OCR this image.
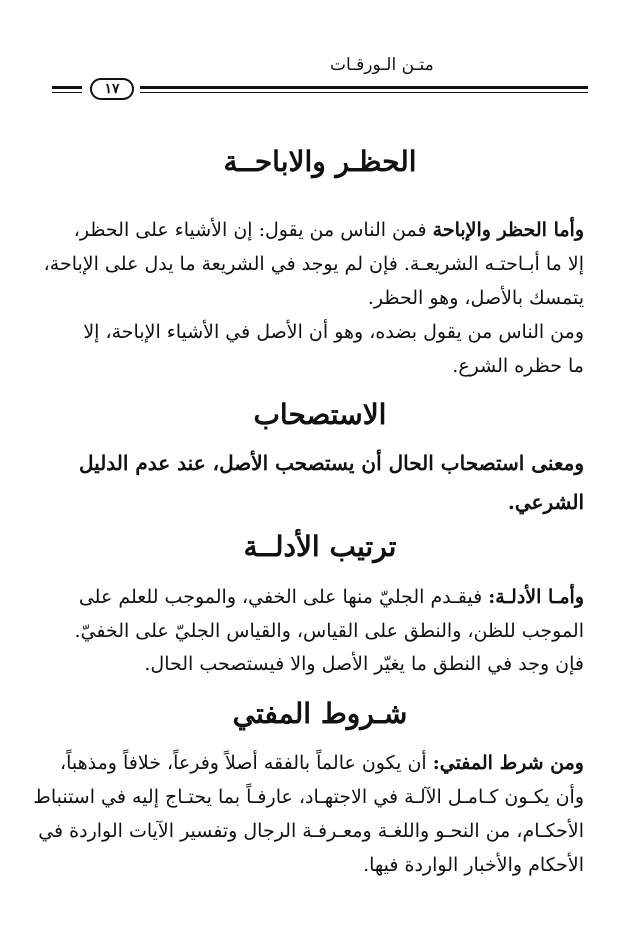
متـن الـورقـات
١٧
الحظـر والاباحــة
وأما الحظر والإباحة فمن الناس من يقول: إن الأشياء على الحظر،
إلا ما أبـاحتـه الشريعـة. فإن لم يوجد في الشريعة ما يدل على الإباحة،
يتمسك بالأصل، وهو الحظر.
ومن الناس من يقول بضده، وهو أن الأصل في الأشياء الإباحة، إلا
ما حظره الشرع.
الاستصحاب
ومعنى استصحاب الحال أن يستصحب الأصل، عند عدم الدليل
الشرعي.
ترتيب الأدلــة
وأمـا الأدلـة: فيقـدم الجليّ منها على الخفي، والموجب للعلم على
الموجب للظن، والنطق على القياس، والقياس الجليّ على الخفيّ.
فإن وجد في النطق ما يغيّر الأصل والا فيستصحب الحال.
شـروط المفتي
ومن شرط المفتي: أن يكون عالماً بالفقه أصلاً وفرعاً، خلافاً ومذهباً،
وأن يكـون كـامـل الآلـة في الاجتهـاد، عارفـاً بما يحتـاج إليه في استنباط
الأحكـام، من النحـو واللغـة ومعـرفـة الرجال وتفسير الآيات الواردة في
الأحكام والأخبار الواردة فيها.
